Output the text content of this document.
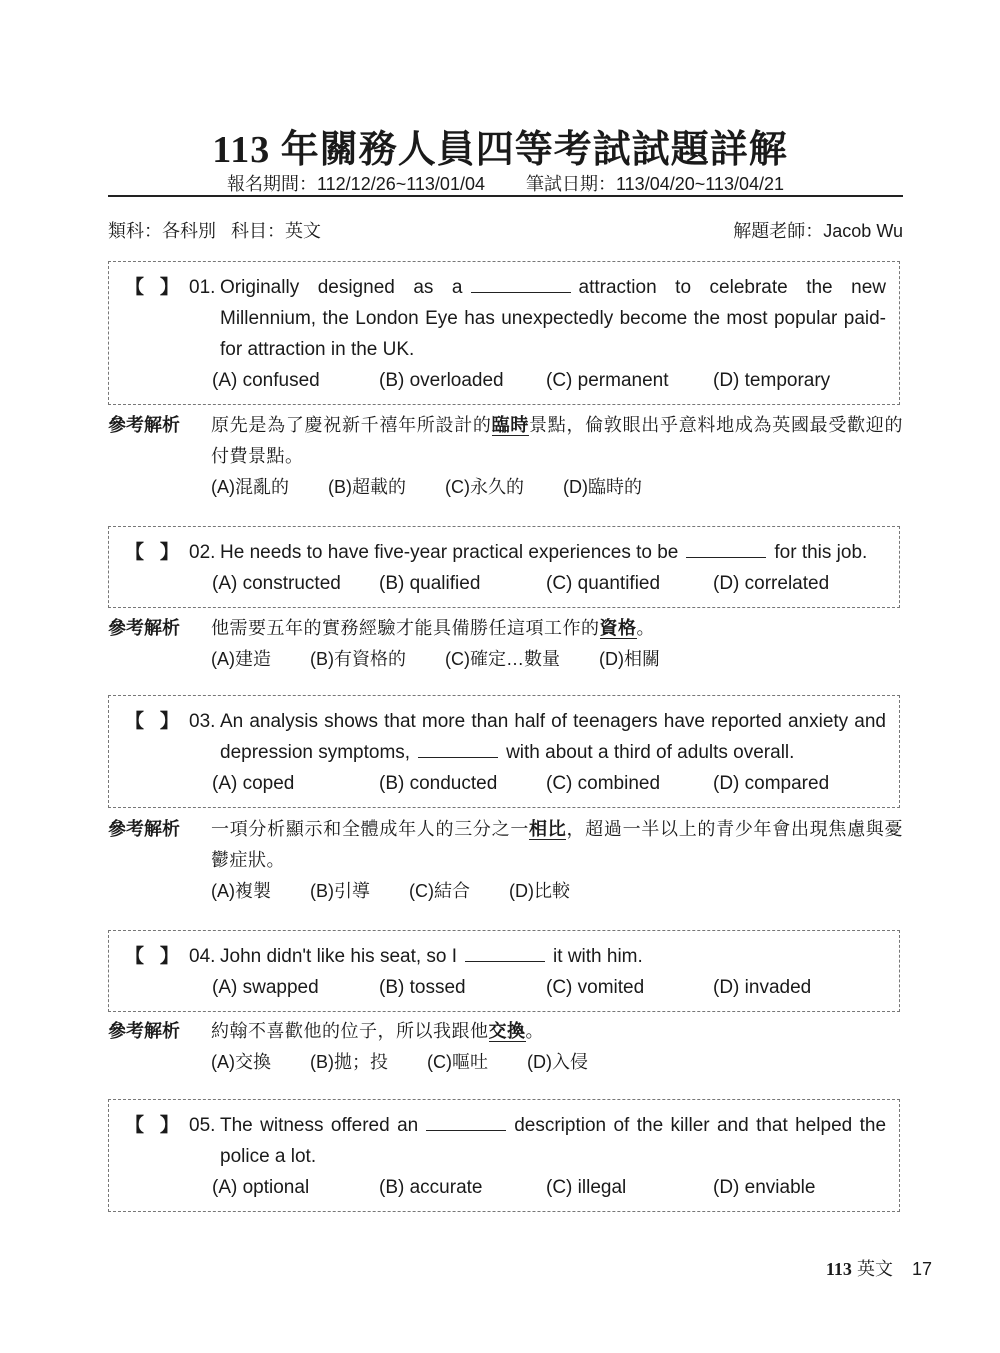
113 年關務人員四等考試試題詳解
報名期間：112/12/26~113/01/04 筆試日期：113/04/20~113/04/21
類科：各科別 科目：英文	解題老師：Jacob Wu
【 】 01. Originally designed as a	attraction to celebrate the new Millennium, the London Eye has unexpectedly become the most popular paid-for attraction in the UK.
(A) confused	(B) overloaded	(C) permanent	(D) temporary
參考解析	原先是為了慶祝新千禧年所設計的臨時景點，倫敦眼出乎意料地成為英國最受歡迎的付費景點。
(A)混亂的 (B)超載的 (C)永久的 (D)臨時的
【 】 02. He needs to have five-year practical experiences to be	for this job.
(A) constructed	(B) qualified	(C) quantified	(D) correlated
參考解析	他需要五年的實務經驗才能具備勝任這項工作的資格。
(A)建造 (B)有資格的 (C)確定…數量 (D)相關
【 】 03. An analysis shows that more than half of teenagers have reported anxiety and depression symptoms,	with about a third of adults overall.
(A) coped	(B) conducted	(C) combined	(D) compared
參考解析	一項分析顯示和全體成年人的三分之一相比，超過一半以上的青少年會出現焦慮與憂鬱症狀。
(A)複製 (B)引導 (C)結合 (D)比較
【 】 04. John didn't like his seat, so I	it with him.
(A) swapped	(B) tossed	(C) vomited	(D) invaded
參考解析	約翰不喜歡他的位子，所以我跟他交換。
(A)交換 (B)拋；投 (C)嘔吐 (D)入侵
【 】 05. The witness offered an	description of the killer and that helped the police a lot.
(A) optional	(B) accurate	(C) illegal	(D) enviable
113 英文 17
